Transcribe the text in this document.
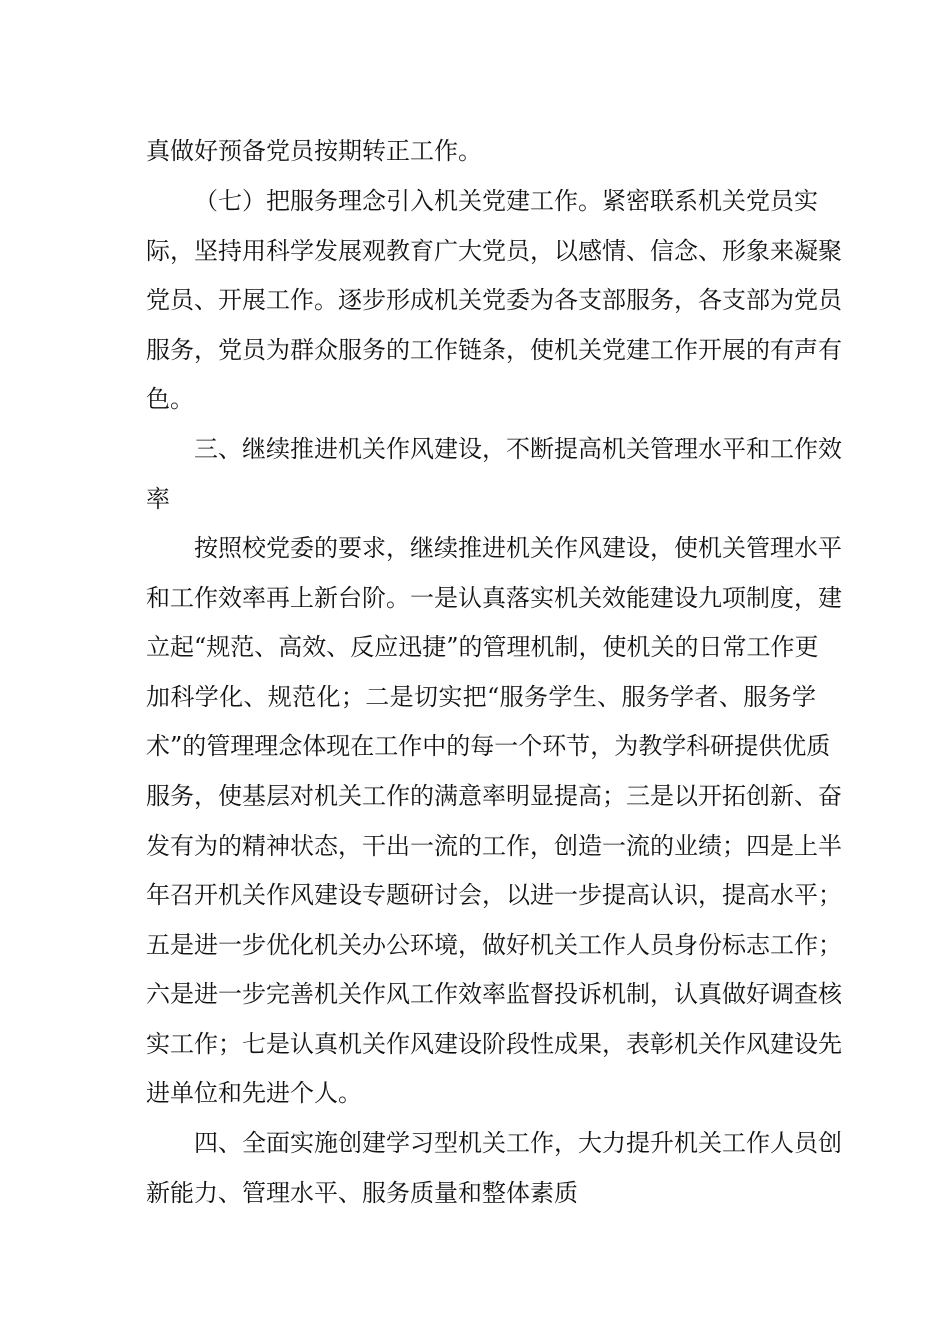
真做好预备党员按期转正工作。
（七）把服务理念引入机关党建工作。紧密联系机关党员实
际，坚持用科学发展观教育广大党员，以感情、信念、形象来凝聚
党员、开展工作。逐步形成机关党委为各支部服务，各支部为党员
服务，党员为群众服务的工作链条，使机关党建工作开展的有声有
色。
三、继续推进机关作风建设，不断提高机关管理水平和工作效
率
按照校党委的要求，继续推进机关作风建设，使机关管理水平
和工作效率再上新台阶。一是认真落实机关效能建设九项制度，建
立起“规范、高效、反应迅捷”的管理机制，使机关的日常工作更
加科学化、规范化；二是切实把“服务学生、服务学者、服务学
术”的管理理念体现在工作中的每一个环节，为教学科研提供优质
服务，使基层对机关工作的满意率明显提高；三是以开拓创新、奋
发有为的精神状态，干出一流的工作，创造一流的业绩；四是上半
年召开机关作风建设专题研讨会，以进一步提高认识，提高水平；
五是进一步优化机关办公环境，做好机关工作人员身份标志工作；
六是进一步完善机关作风工作效率监督投诉机制，认真做好调查核
实工作；七是认真机关作风建设阶段性成果，表彰机关作风建设先
进单位和先进个人。
四、全面实施创建学习型机关工作，大力提升机关工作人员创
新能力、管理水平、服务质量和整体素质
